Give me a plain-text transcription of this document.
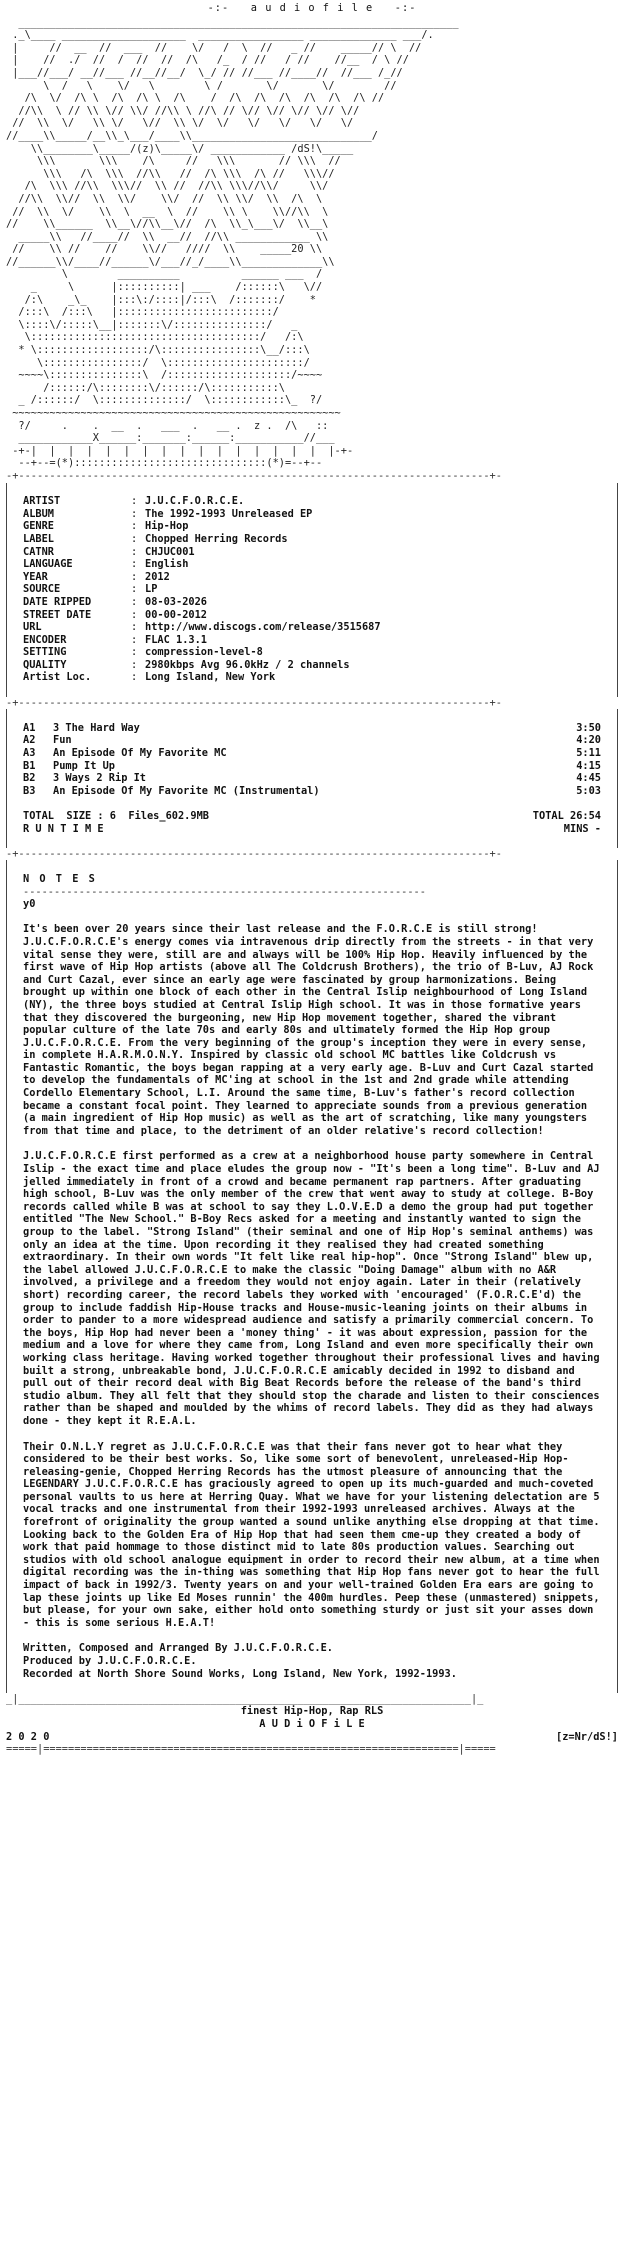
-:-   a u d i o f i l e   -:-
_______________________________________________________________________
._\____ ____________________  _________________ ______________ ___/.
|     //  __  //  ___  //    \/   /  \  //   _ //    _____// \  //
|    //  ./  //  /  //  //  /\   /_  / //   / //    //__  / \ //
|___//___/ __//___ //__//__/  \_/ // //___ //____//  //___ /_//
\  /   \    \/   \        \ /       \/       \/        //
/\  \/  /\ \  /\  /\ \  /\    /  /\  /\  /\  /\  /\  /\ //
//\\  \ // \\ \// \\/ //\\ \ //\ // \// \// \// \// \//
//  \\  \/   \\ \/   \//  \\ \/  \/   \/   \/   \/   \/
//____\\_____/__\\_\___/____\\_____________________________/
\\________\_____/(z)\_____\/ ____________ /dS!\_____
\\\       \\\    /\     //   \\\       // \\\  //
\\\   /\  \\\  //\\   //  /\ \\\  /\ //   \\\//
/\  \\\ //\\  \\\//  \\ //  //\\ \\\//\\/     \\/
//\\  \\//  \\  \\/    \\/  //  \\ \\/  \\  /\  \
//  \\  \/    \\  \  __  \  //    \\ \    \\//\\  \
//    \\______  \\__\//\\__\//  /\  \\_\___\/  \\__\
_____\\   //____//  \\  __//  //\\ ____________ \\
//    \\ //    //    \\//   ////  \\    _____20 \\
//______\\/____//______\/___//_/____\\_____________\\
\        __________          ______ ___  /
_     \      |::::::::::| ___    /::::::\   \//
/:\    _\_    |:::\:/::::|/:::\  /:::::::/    *
/:::\  /:::\   |:::::::::::::::::::::::::/
\::::\/:::::\__|:::::::\/:::::::::::::::/   _
\:::::::::::::::::::::::::::::::::::::/   /:\
* \::::::::::::::::::/\::::::::::::::::\__/:::\
\::::::::::::::::/  \::::::::::::::::::::::/
~~~~\:::::::::::::::\  /::::::::::::::::::::/~~~~
/::::::/\::::::::\/::::::/\:::::::::::\
_ /::::::/  \::::::::::::::/  \::::::::::::\_  ?/
~~~~~~~~~~~~~~~~~~~~~~~~~~~~~~~~~~~~~~~~~~~~~~~~~~~~~
?/     .    .  __  .   ___  .   __ .  z .  /\   ::
____________X______:_______:______:___________//___
-+-|  |  |  |  |  |  |  |  |  |  |  |  |  |  |  |  |-+-
--+--=(*):::::::::::::::::::::::::::::::(*)=--+--
-+----------------------------------------------------------------------------+-
ARTIST	: J.U.C.F.O.R.C.E.
ALBUM	: The 1992-1993 Unreleased EP
GENRE	: Hip-Hop
LABEL	: Chopped Herring Records
CATNR	: CHJUC001
LANGUAGE	: English
YEAR	: 2012
SOURCE	: LP
DATE RIPPED	: 08-03-2026
STREET DATE	: 00-00-2012
URL	: http://www.discogs.com/release/3515687
ENCODER	: FLAC 1.3.1
SETTING	: compression-level-8
QUALITY	: 2980kbps Avg 96.0kHz / 2 channels
Artist Loc.	: Long Island, New York
-+----------------------------------------------------------------------------+-
A1	3 The Hard Way	3:50
A2	Fun	4:20
A3	An Episode Of My Favorite MC	5:11
B1	Pump It Up	4:15
B2	3 Ways 2 Rip It	4:45
B3	An Episode Of My Favorite MC (Instrumental)	5:03
TOTAL  SIZE : 6  Files_602.9MB	TOTAL 26:54
R U N T I M E	MINS -
-+----------------------------------------------------------------------------+-
N O T E S
-----------------------------------------------------------------
y0

It's been over 20 years since their last release and the F.O.R.C.E is still strong! J.U.C.F.O.R.C.E's energy comes via intravenous drip directly from the streets - in that very vital sense they were, still are and always will be 100% Hip Hop. Heavily influenced by the first wave of Hip Hop artists (above all The Coldcrush Brothers), the trio of B-Luv, AJ Rock and Curt Cazal, ever since an early age were fascinated by group harmonizations. Being brought up within one block of each other in the Central Islip neighbourhood of Long Island (NY), the three boys studied at Central Islip High school. It was in those formative years that they discovered the burgeoning, new Hip Hop movement together, shared the vibrant popular culture of the late 70s and early 80s and ultimately formed the Hip Hop group J.U.C.F.O.R.C.E. From the very beginning of the group's inception they were in every sense, in complete H.A.R.M.O.N.Y. Inspired by classic old school MC battles like Coldcrush vs Fantastic Romantic, the boys began rapping at a very early age. B-Luv and Curt Cazal started to develop the fundamentals of MC'ing at school in the 1st and 2nd grade while attending Cordello Elementary School, L.I. Around the same time, B-Luv's father's record collection became a constant focal point. They learned to appreciate sounds from a previous generation (a main ingredient of Hip Hop music) as well as the art of scratching, like many youngsters from that time and place, to the detriment of an older relative's record collection!

J.U.C.F.O.R.C.E first performed as a crew at a neighborhood house party somewhere in Central Islip - the exact time and place eludes the group now - "It's been a long time". B-Luv and AJ jelled immediately in front of a crowd and became permanent rap partners. After graduating high school, B-Luv was the only member of the crew that went away to study at college. B-Boy records called while B was at school to say they L.O.V.E.D a demo the group had put together entitled "The New School." B-Boy Recs asked for a meeting and instantly wanted to sign the group to the label. "Strong Island" (their seminal and one of Hip Hop's seminal anthems) was only an idea at the time. Upon recording it they realised they had created something extraordinary. In their own words "It felt like real hip-hop". Once "Strong Island" blew up, the label allowed J.U.C.F.O.R.C.E to make the classic "Doing Damage" album with no A&R involved, a privilege and a freedom they would not enjoy again. Later in their (relatively short) recording career, the record labels they worked with 'encouraged' (F.O.R.C.E'd) the group to include faddish Hip-House tracks and House-music-leaning joints on their albums in order to pander to a more widespread audience and satisfy a primarily commercial concern. To the boys, Hip Hop had never been a 'money thing' - it was about expression, passion for the medium and a love for where they came from, Long Island and even more specifically their own working class heritage. Having worked together throughout their professional lives and having built a strong, unbreakable bond, J.U.C.F.O.R.C.E amicably decided in 1992 to disband and pull out of their record deal with Big Beat Records before the release of the band's third studio album. They all felt that they should stop the charade and listen to their consciences rather than be shaped and moulded by the whims of record labels. They did as they had always done - they kept it R.E.A.L.

Their O.N.L.Y regret as J.U.C.F.O.R.C.E was that their fans never got to hear what they considered to be their best works. So, like some sort of benevolent, unreleased-Hip Hop-releasing-genie, Chopped Herring Records has the utmost pleasure of announcing that the LEGENDARY J.U.C.F.O.R.C.E has graciously agreed to open up its much-guarded and much-coveted personal vaults to us here at Herring Quay. What we have for your listening delectation are 5 vocal tracks and one instrumental from their 1992-1993 unreleased archives. Always at the forefront of originality the group wanted a sound unlike anything else dropping at that time. Looking back to the Golden Era of Hip Hop that had seen them cme-up they created a body of work that paid hommage to those distinct mid to late 80s production values. Searching out studios with old school analogue equipment in order to record their new album, at a time when digital recording was the in-thing was something that Hip Hop fans never got to hear the full impact of back in 1992/3. Twenty years on and your well-trained Golden Era ears are going to lap these joints up like Ed Moses runnin' the 400m hurdles. Peep these (unmastered) snippets, but please, for your own sake, either hold onto something sturdy or just sit your asses down - this is some serious H.E.A.T!

Written, Composed and Arranged By J.U.C.F.O.R.C.E.
Produced by J.U.C.F.O.R.C.E.
Recorded at North Shore Sound Works, Long Island, New York, 1992-1993.
_|_________________________________________________________________________|_
finest Hip-Hop, Rap RLS
A U D i O F i L E
2 0 2 0	[z=Nr/dS!]
=====|===================================================================|=====
